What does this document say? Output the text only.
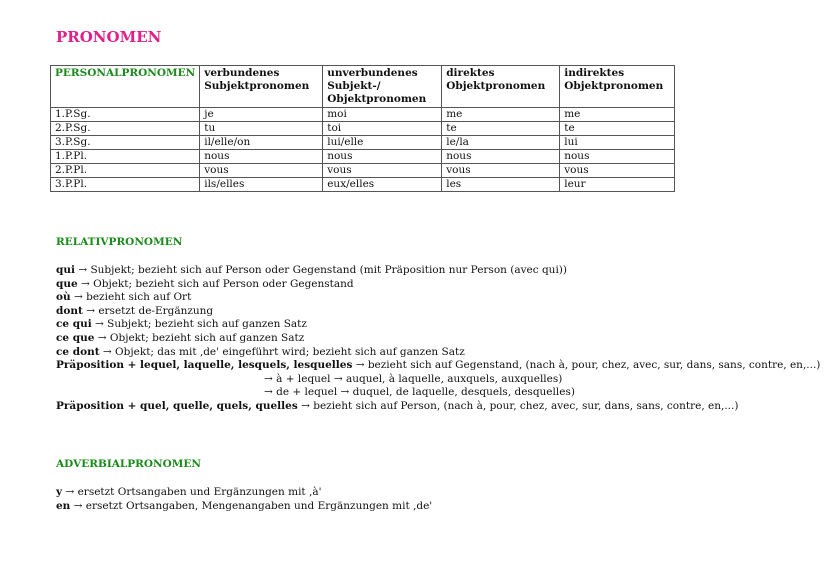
PRONOMEN
PERSONALPRONOMEN	verbundenes Subjektpronomen	unverbundenes Subjekt-/ Objektpronomen	direktes Objektpronomen	indirektes Objektpronomen
1.P.Sg.	je	moi	me	me
2.P.Sg.	tu	toi	te	te
3.P.Sg.	il/elle/on	lui/elle	le/la	lui
1.P.Pl.	nous	nous	nous	nous
2.P.Pl.	vous	vous	vous	vous
3.P.Pl.	ils/elles	eux/elles	les	leur
RELATIVPRONOMEN
qui → Subjekt; bezieht sich auf Person oder Gegenstand (mit Präposition nur Person (avec qui))
que → Objekt; bezieht sich auf Person oder Gegenstand
où → bezieht sich auf Ort
dont → ersetzt de-Ergänzung
ce qui → Subjekt; bezieht sich auf ganzen Satz
ce que → Objekt; bezieht sich auf ganzen Satz
ce dont → Objekt; das mit ‚de' eingeführt wird; bezieht sich auf ganzen Satz
Präposition + lequel, laquelle, lesquels, lesquelles → bezieht sich auf Gegenstand, (nach à, pour, chez, avec, sur, dans, sans, contre, en,...)
→ à + lequel → auquel, à laquelle, auxquels, auxquelles)
→ de + lequel → duquel, de laquelle, desquels, desquelles)
Präposition + quel, quelle, quels, quelles → bezieht sich auf Person, (nach à, pour, chez, avec, sur, dans, sans, contre, en,...)
ADVERBIALPRONOMEN
y → ersetzt Ortsangaben und Ergänzungen mit ‚à'
en → ersetzt Ortsangaben, Mengenangaben und Ergänzungen mit ‚de'
